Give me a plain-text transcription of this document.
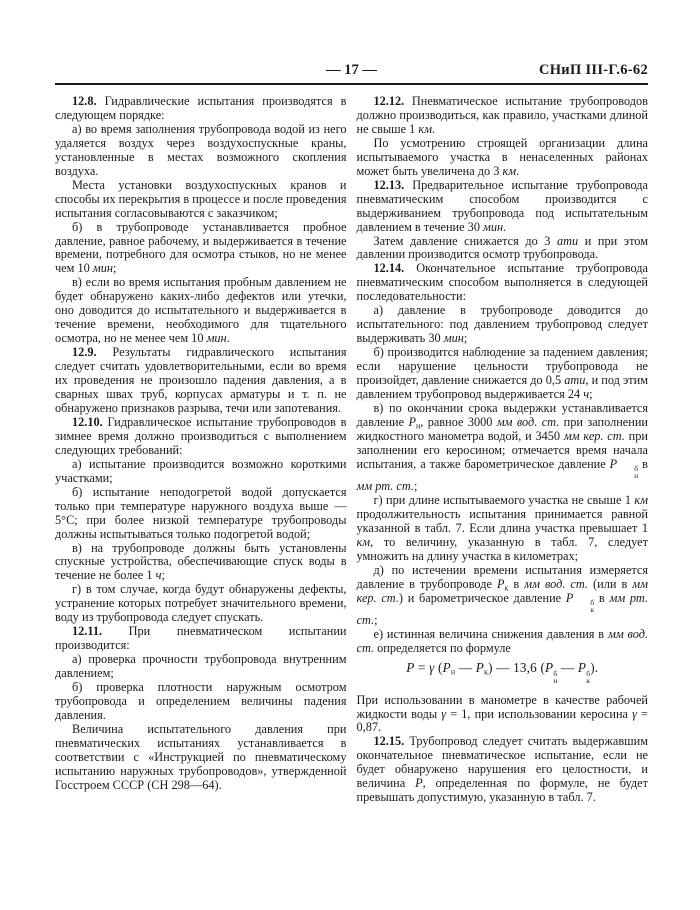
— 17 —	СНиП III-Г.6-62

12.8. Гидравлические испытания производятся в следующем порядке:

а) во время заполнения трубопровода водой из него удаляется воздух через воздухоспускные краны, установленные в местах возможного скопления воздуха.

Места установки воздухоспускных кранов и способы их перекрытия в процессе и после проведения испытания согласовываются с заказчиком;

б) в трубопроводе устанавливается пробное давление, равное рабочему, и выдерживается в течение времени, потребного для осмотра стыков, но не менее чем 10 мин;

в) если во время испытания пробным давлением не будет обнаружено каких-либо дефектов или утечки, оно доводится до испытательного и выдерживается в течение времени, необходимого для тщательного осмотра, но не менее чем 10 мин.

12.9. Результаты гидравлического испытания следует считать удовлетворительными, если во время их проведения не произошло падения давления, а в сварных швах труб, корпусах арматуры и т. п. не обнаружено признаков разрыва, течи или запотевания.

12.10. Гидравлическое испытание трубопроводов в зимнее время должно производиться с выполнением следующих требований:

а) испытание производится возможно короткими участками;

б) испытание неподогретой водой допускается только при температуре наружного воздуха выше —5°С; при более низкой температуре трубопроводы должны испытываться только подогретой водой;

в) на трубопроводе должны быть установлены спускные устройства, обеспечивающие спуск воды в течение не более 1 ч;

г) в том случае, когда будут обнаружены дефекты, устранение которых потребует значительного времени, воду из трубопровода следует спускать.

12.11. При пневматическом испытании производится:

а) проверка прочности трубопровода внутренним давлением;

б) проверка плотности наружным осмотром трубопровода и определением величины падения давления.

Величина испытательного давления при пневматических испытаниях устанавливается в соответствии с «Инструкцией по пневматическому испытанию наружных трубопроводов», утвержденной Госстроем СССР (СН 298—64).

12.12. Пневматическое испытание трубопроводов должно производиться, как правило, участками длиной не свыше 1 км.

По усмотрению строящей организации длина испытываемого участка в ненаселенных районах может быть увеличена до 3 км.

12.13. Предварительное испытание трубопровода пневматическим способом производится с выдерживанием трубопровода под испытательным давлением в течение 30 мин.

Затем давление снижается до 3 ати и при этом давлении производится осмотр трубопровода.

12.14. Окончательное испытание трубопровода пневматическим способом выполняется в следующей последовательности:

а) давление в трубопроводе доводится до испытательного: под давлением трубопровод следует выдерживать 30 мин;

б) производится наблюдение за падением давления; если нарушение цельности трубопровода не произойдет, давление снижается до 0,5 ати, и под этим давлением трубопровод выдерживается 24 ч;

в) по окончании срока выдержки устанавливается давление $Р_н$, равное 3000 мм вод. ст. при заполнении жидкостного манометра водой, и 3450 мм кер. ст. при заполнении его керосином; отмечается время начала испытания, а также барометрическое давление Р	б
н
в мм рт. ст.;

г) при длине испытываемого участка не свыше 1 км продолжительность испытания принимается равной указанной в табл. 7. Если длина участка превышает 1 км, то величину, указанную в табл. 7, следует умножить на длину участка в километрах;

д) по истечении времени испытания измеряется давление в трубопроводе $Р_к$ в мм вод. ст. (или в мм кер. ст.) и барометрическое давление Р	б
к
в мм рт. ст.;

е) истинная величина снижения давления в мм вод. ст. определяется по формуле

Р = γ ($Р_н$ — $Р_к$) — 13,6 (Р б
н
— Р б
к
).

При использовании в манометре в качестве рабочей жидкости воды γ = 1, при использовании керосина γ = 0,87.

12.15. Трубопровод следует считать выдержавшим окончательное пневматическое испытание, если не будет обнаружено нарушения его целостности, и величина Р, определенная по формуле, не будет превышать допустимую, указанную в табл. 7.
